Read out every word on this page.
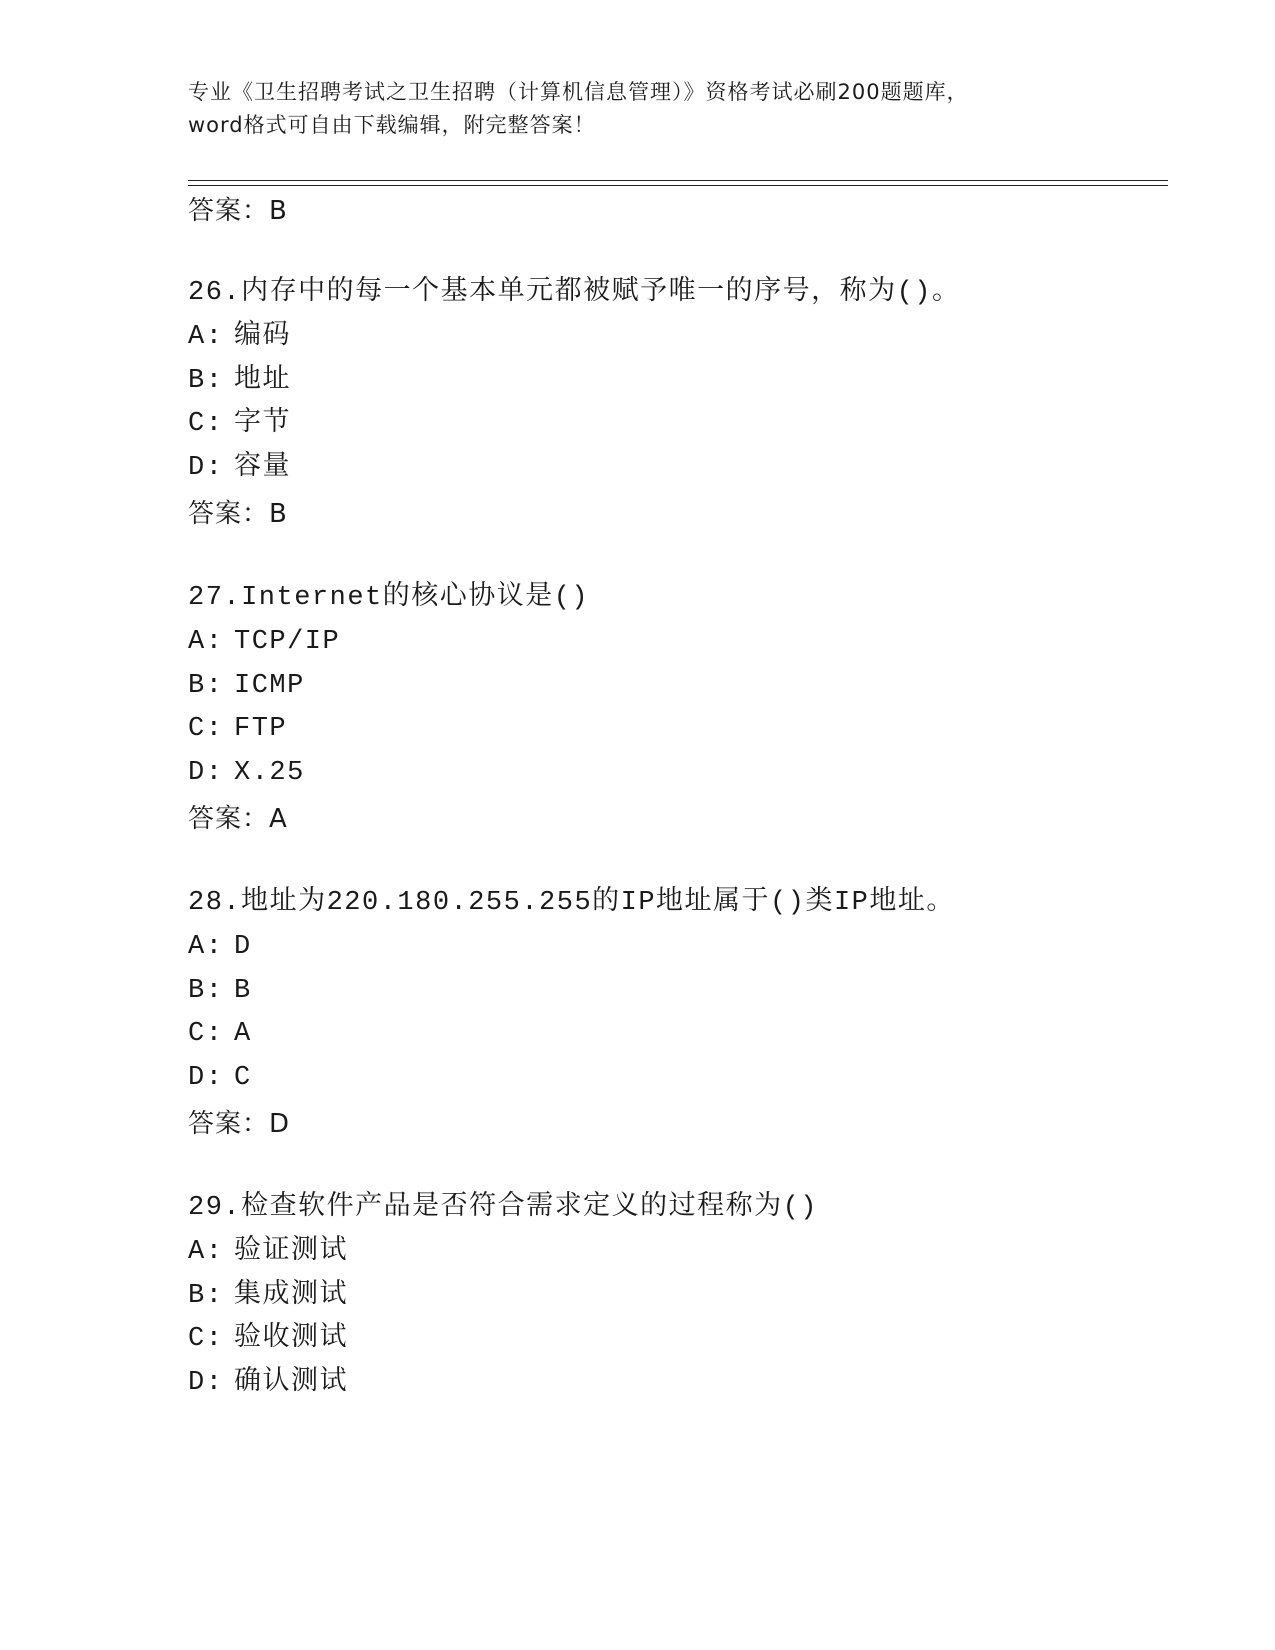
专业《卫生招聘考试之卫生招聘（计算机信息管理）》资格考试必刷200题题库，
word格式可自由下载编辑，附完整答案！
答案：B
26.内存中的每一个基本单元都被赋予唯一的序号，称为()。
A: 编码
B: 地址
C: 字节
D: 容量
答案：B
27.Internet的核心协议是()
A: TCP/IP
B: ICMP
C: FTP
D: X.25
答案：A
28.地址为220.180.255.255的IP地址属于()类IP地址。
A: D
B: B
C: A
D: C
答案：D
29.检查软件产品是否符合需求定义的过程称为()
A: 验证测试
B: 集成测试
C: 验收测试
D: 确认测试
